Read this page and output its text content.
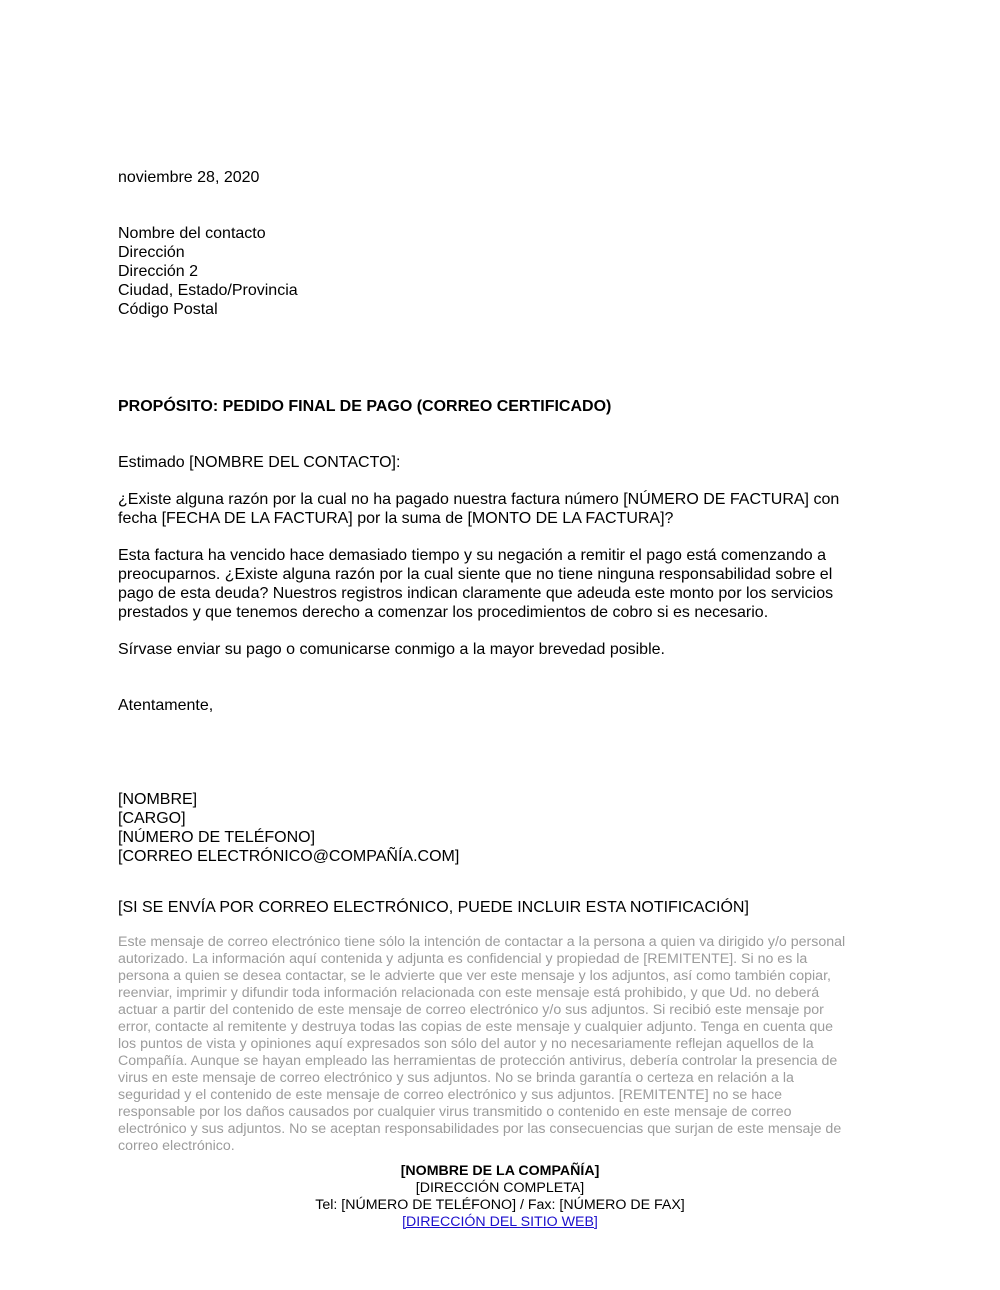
noviembre 28, 2020

Nombre del contacto
Dirección
Dirección 2
Ciudad, Estado/Provincia
Código Postal

PROPÓSITO: PEDIDO FINAL DE PAGO (CORREO CERTIFICADO)

Estimado [NOMBRE DEL CONTACTO]:

¿Existe alguna razón por la cual no ha pagado nuestra factura número [NÚMERO DE FACTURA] con
fecha [FECHA DE LA FACTURA] por la suma de [MONTO DE LA FACTURA]?
Esta factura ha vencido hace demasiado tiempo y su negación a remitir el pago está comenzando a
preocuparnos. ¿Existe alguna razón por la cual siente que no tiene ninguna responsabilidad sobre el
pago de esta deuda? Nuestros registros indican claramente que adeuda este monto por los servicios
prestados y que tenemos derecho a comenzar los procedimientos de cobro si es necesario.

Sírvase enviar su pago o comunicarse conmigo a la mayor brevedad posible.

Atentamente,

[NOMBRE]
[CARGO]
[NÚMERO DE TELÉFONO]
[CORREO ELECTRÓNICO@COMPAÑÍA.COM]

[SI SE ENVÍA POR CORREO ELECTRÓNICO, PUEDE INCLUIR ESTA NOTIFICACIÓN]

Este mensaje de correo electrónico tiene sólo la intención de contactar a la persona a quien va dirigido y/o personal
autorizado. La información aquí contenida y adjunta es confidencial y propiedad de [REMITENTE]. Si no es la
persona a quien se desea contactar, se le advierte que ver este mensaje y los adjuntos, así como también copiar,
reenviar, imprimir y difundir toda información relacionada con este mensaje está prohibido, y que Ud. no deberá
actuar a partir del contenido de este mensaje de correo electrónico y/o sus adjuntos. Si recibió este mensaje por
error, contacte al remitente y destruya todas las copias de este mensaje y cualquier adjunto. Tenga en cuenta que
los puntos de vista y opiniones aquí expresados son sólo del autor y no necesariamente reflejan aquellos de la
Compañía. Aunque se hayan empleado las herramientas de protección antivirus, debería controlar la presencia de
virus en este mensaje de correo electrónico y sus adjuntos. No se brinda garantía o certeza en relación a la
seguridad y el contenido de este mensaje de correo electrónico y sus adjuntos. [REMITENTE] no se hace
responsable por los daños causados por cualquier virus transmitido o contenido en este mensaje de correo
electrónico y sus adjuntos. No se aceptan responsabilidades por las consecuencias que surjan de este mensaje de
correo electrónico.
[NOMBRE DE LA COMPAÑÍA]
[DIRECCIÓN COMPLETA]
Tel: [NÚMERO DE TELÉFONO] / Fax: [NÚMERO DE FAX]
[DIRECCIÓN DEL SITIO WEB]
